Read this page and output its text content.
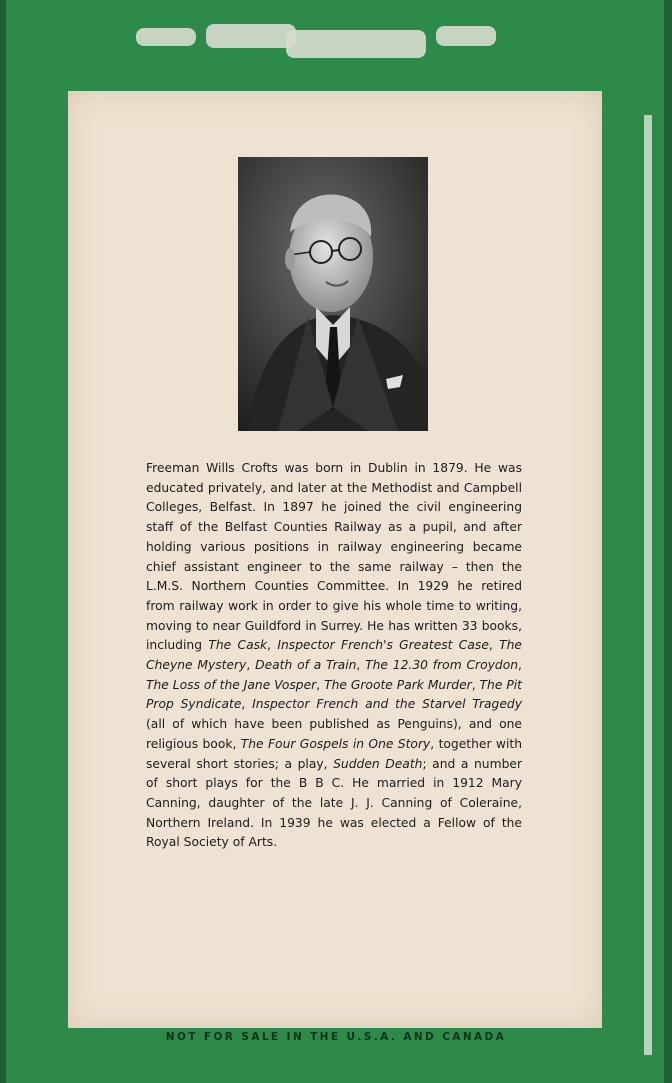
Freeman Wills Crofts was born in Dublin in 1879. He was educated privately, and later at the Methodist and Campbell Colleges, Belfast. In 1897 he joined the civil engineering staff of the Belfast Counties Railway as a pupil, and after holding various positions in railway engineering became chief assistant engineer to the same railway – then the L.M.S. Northern Counties Committee. In 1929 he retired from railway work in order to give his whole time to writing, moving to near Guildford in Surrey. He has written 33 books, including The Cask, Inspector French's Greatest Case, The Cheyne Mystery, Death of a Train, The 12.30 from Croydon, The Loss of the Jane Vosper, The Groote Park Murder, The Pit Prop Syndicate, Inspector French and the Starvel Tragedy (all of which have been published as Penguins), and one religious book, The Four Gospels in One Story, together with several short stories; a play, Sudden Death; and a number of short plays for the B B C. He married in 1912 Mary Canning, daughter of the late J. J. Canning of Coleraine, Northern Ireland. In 1939 he was elected a Fellow of the Royal Society of Arts.
NOT FOR SALE IN THE U.S.A. AND CANADA
